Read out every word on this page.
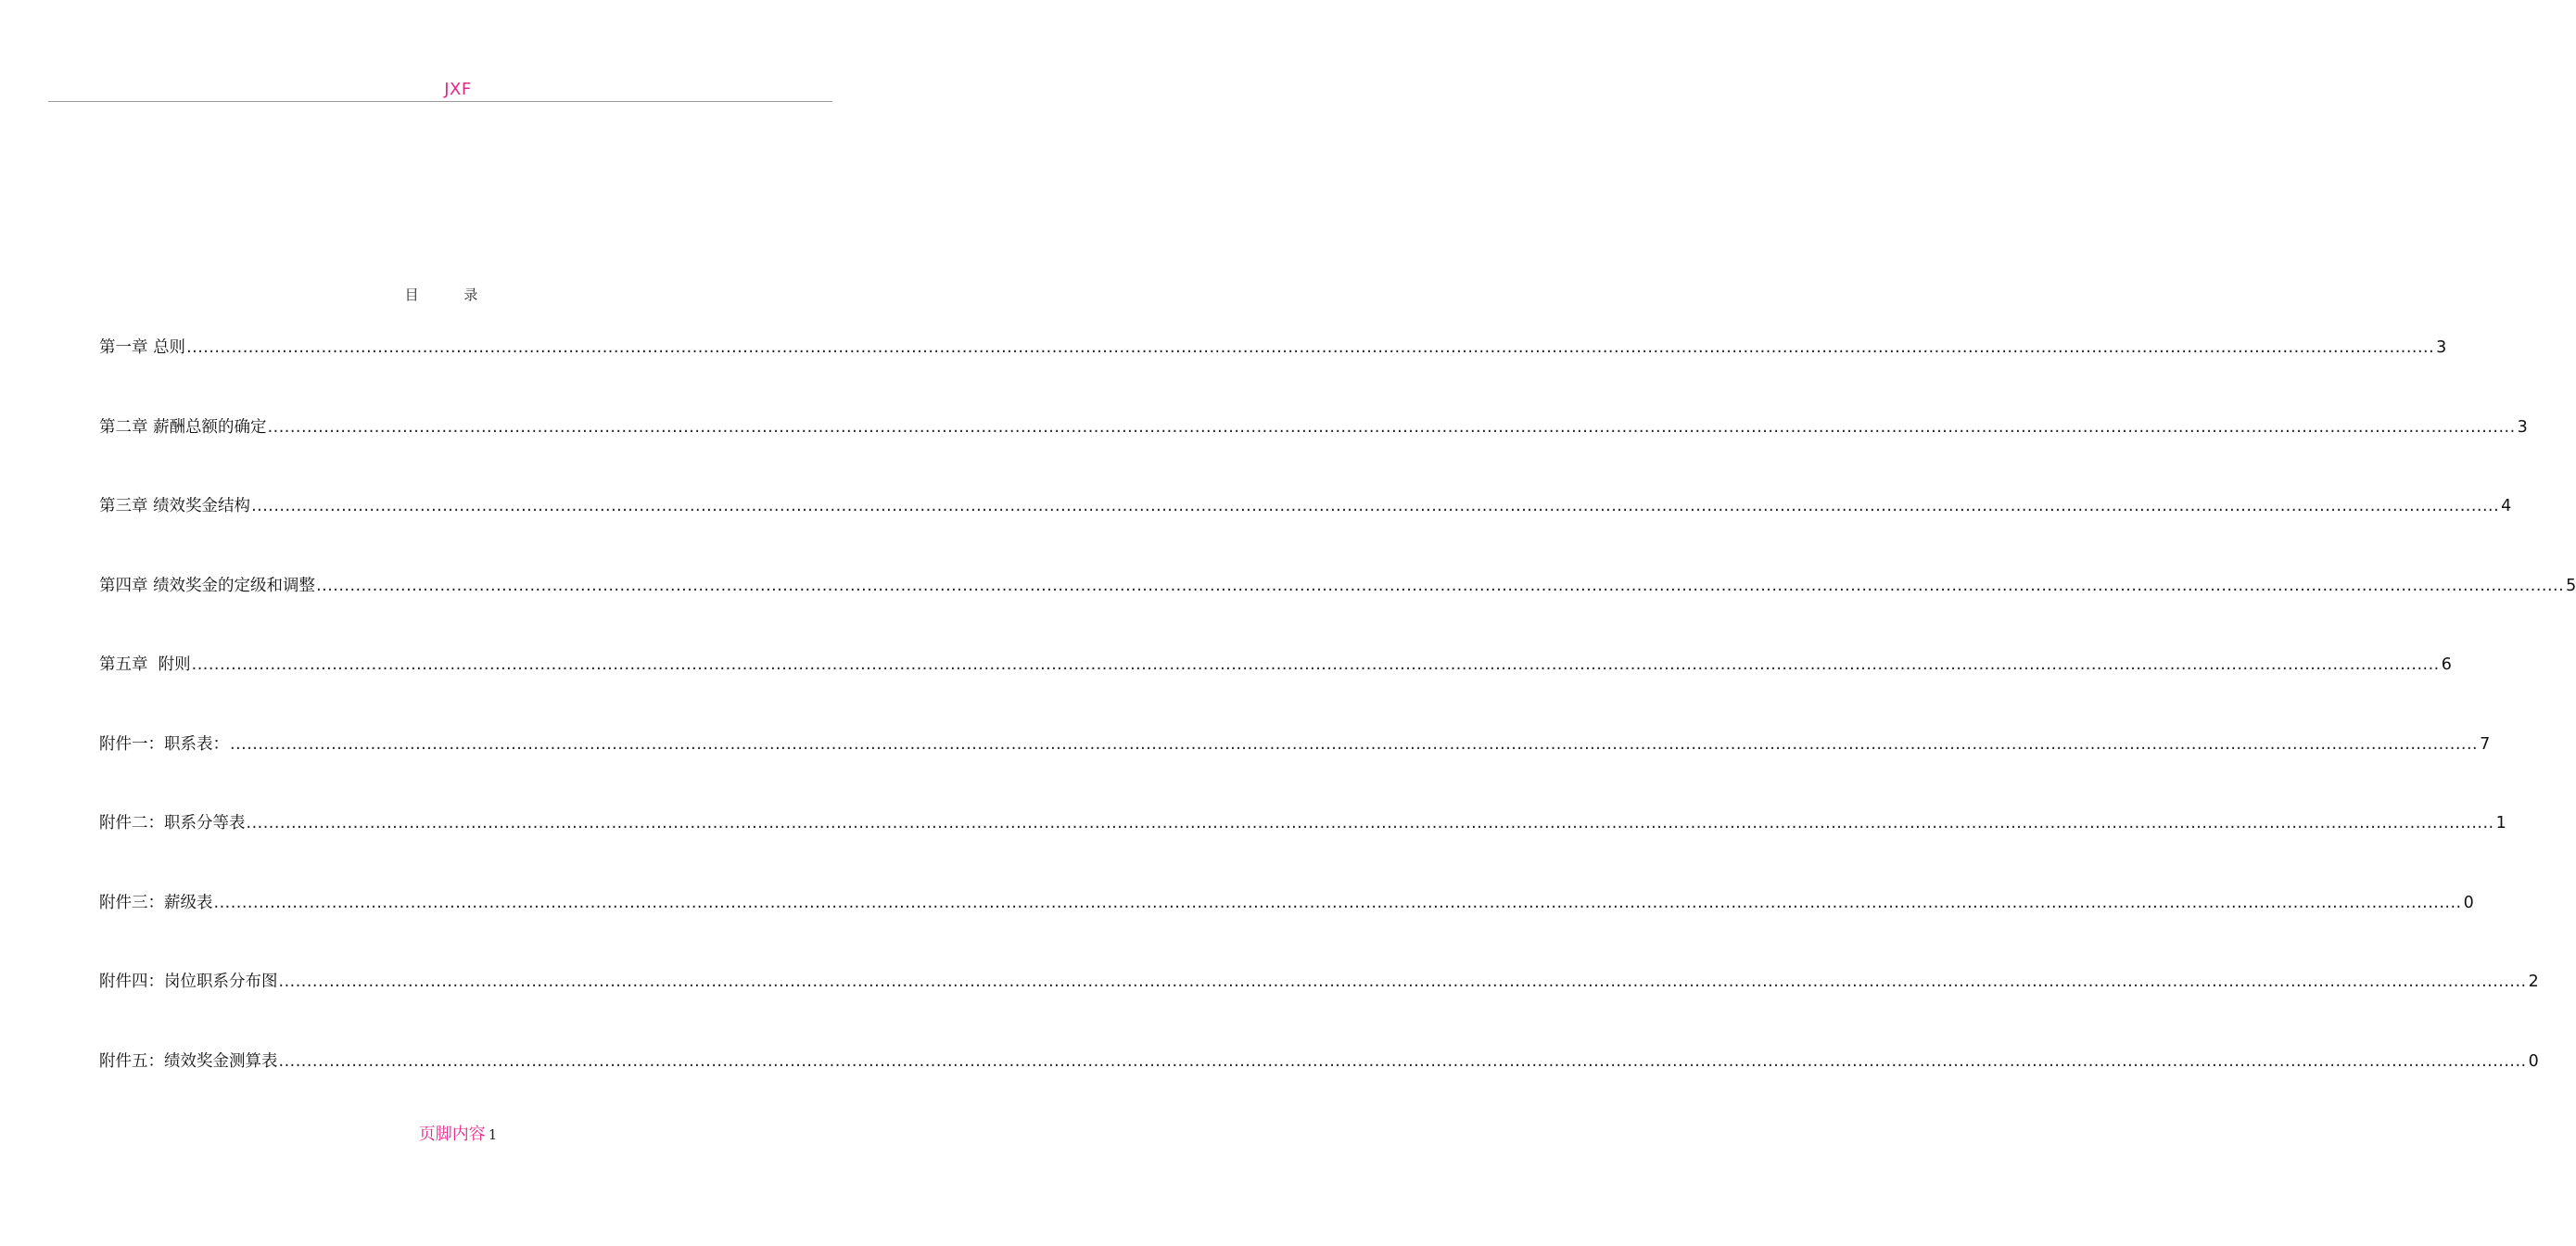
JXF
目 录
第一章 总则 ................................................................................................................................................................................................................................................................................................................................................................................................................ 3
第二章 薪酬总额的确定 ................................................................................................................................................................................................................................................................................................................................................................................................................ 3
第三章 绩效奖金结构 ................................................................................................................................................................................................................................................................................................................................................................................................................ 4
第四章 绩效奖金的定级和调整 ................................................................................................................................................................................................................................................................................................................................................................................................................ 5
第五章  附则 ................................................................................................................................................................................................................................................................................................................................................................................................................ 6
附件一：职系表： ................................................................................................................................................................................................................................................................................................................................................................................................................ 7
附件二：职系分等表 ................................................................................................................................................................................................................................................................................................................................................................................................................ 1
附件三：薪级表 ................................................................................................................................................................................................................................................................................................................................................................................................................ 0
附件四：岗位职系分布图 ................................................................................................................................................................................................................................................................................................................................................................................................................ 2
附件五：绩效奖金测算表 ................................................................................................................................................................................................................................................................................................................................................................................................................ 0
页脚内容 1
